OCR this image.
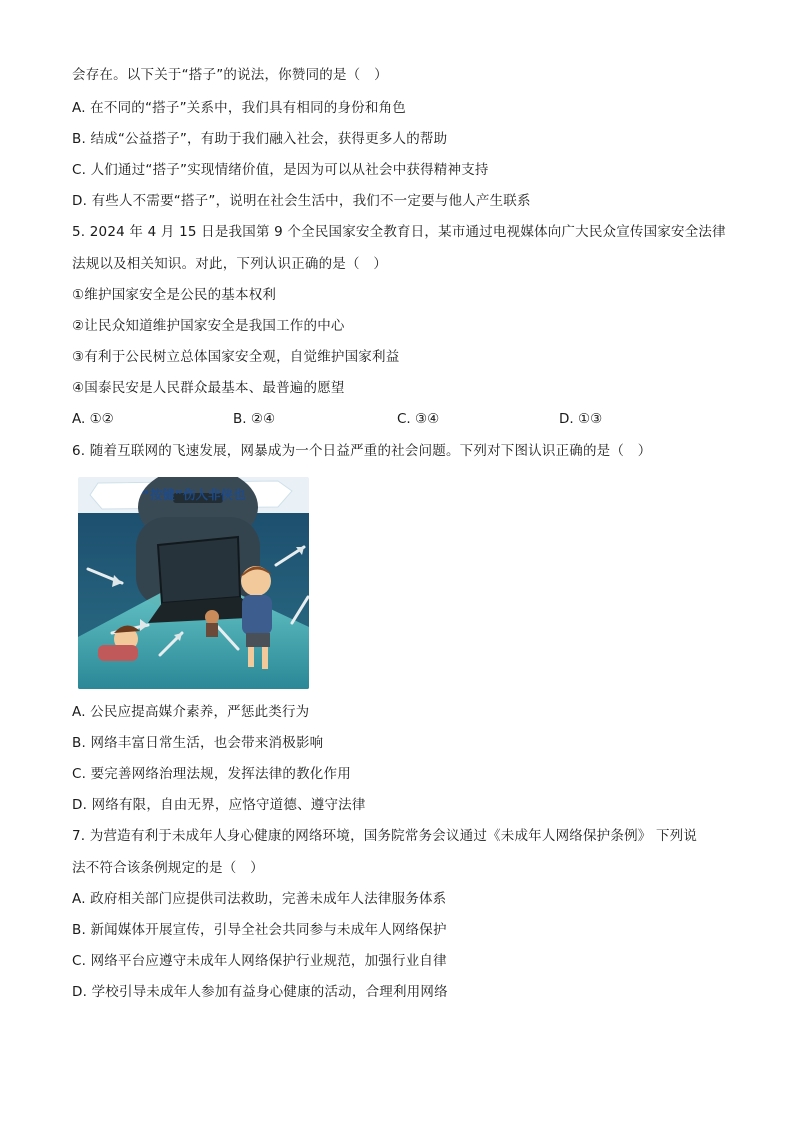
会存在。以下关于“搭子”的说法，你赞同的是（　）
A. 在不同的“搭子”关系中，我们具有相同的身份和角色
B. 结成“公益搭子”，有助于我们融入社会，获得更多人的帮助
C. 人们通过“搭子”实现情绪价值，是因为可以从社会中获得精神支持
D. 有些人不需要“搭子”，说明在社会生活中，我们不一定要与他人产生联系
5. 2024 年 4 月 15 日是我国第 9 个全民国家安全教育日，某市通过电视媒体向广大民众宣传国家安全法律
法规以及相关知识。对此，下列认识正确的是（　）
①维护国家安全是公民的基本权利
②让民众知道维护国家安全是我国工作的中心
③有利于公民树立总体国家安全观，自觉维护国家利益
④国泰民安是人民群众最基本、最普遍的愿望
A. ①②	B. ②④	C. ③④	D. ①③
6. 随着互联网的飞速发展，网暴成为一个日益严重的社会问题。下列对下图认识正确的是（　）
“按键”伤人非侠也
A. 公民应提高媒介素养，严惩此类行为
B. 网络丰富日常生活，也会带来消极影响
C. 要完善网络治理法规，发挥法律的教化作用
D. 网络有限，自由无界，应恪守道德、遵守法律
7. 为营造有利于未成年人身心健康的网络环境，国务院常务会议通过《未成年人网络保护条例》 下列说
法不符合该条例规定的是（　）
A. 政府相关部门应提供司法救助，完善未成年人法律服务体系
B. 新闻媒体开展宣传，引导全社会共同参与未成年人网络保护
C. 网络平台应遵守未成年人网络保护行业规范，加强行业自律
D. 学校引导未成年人参加有益身心健康的活动，合理利用网络
